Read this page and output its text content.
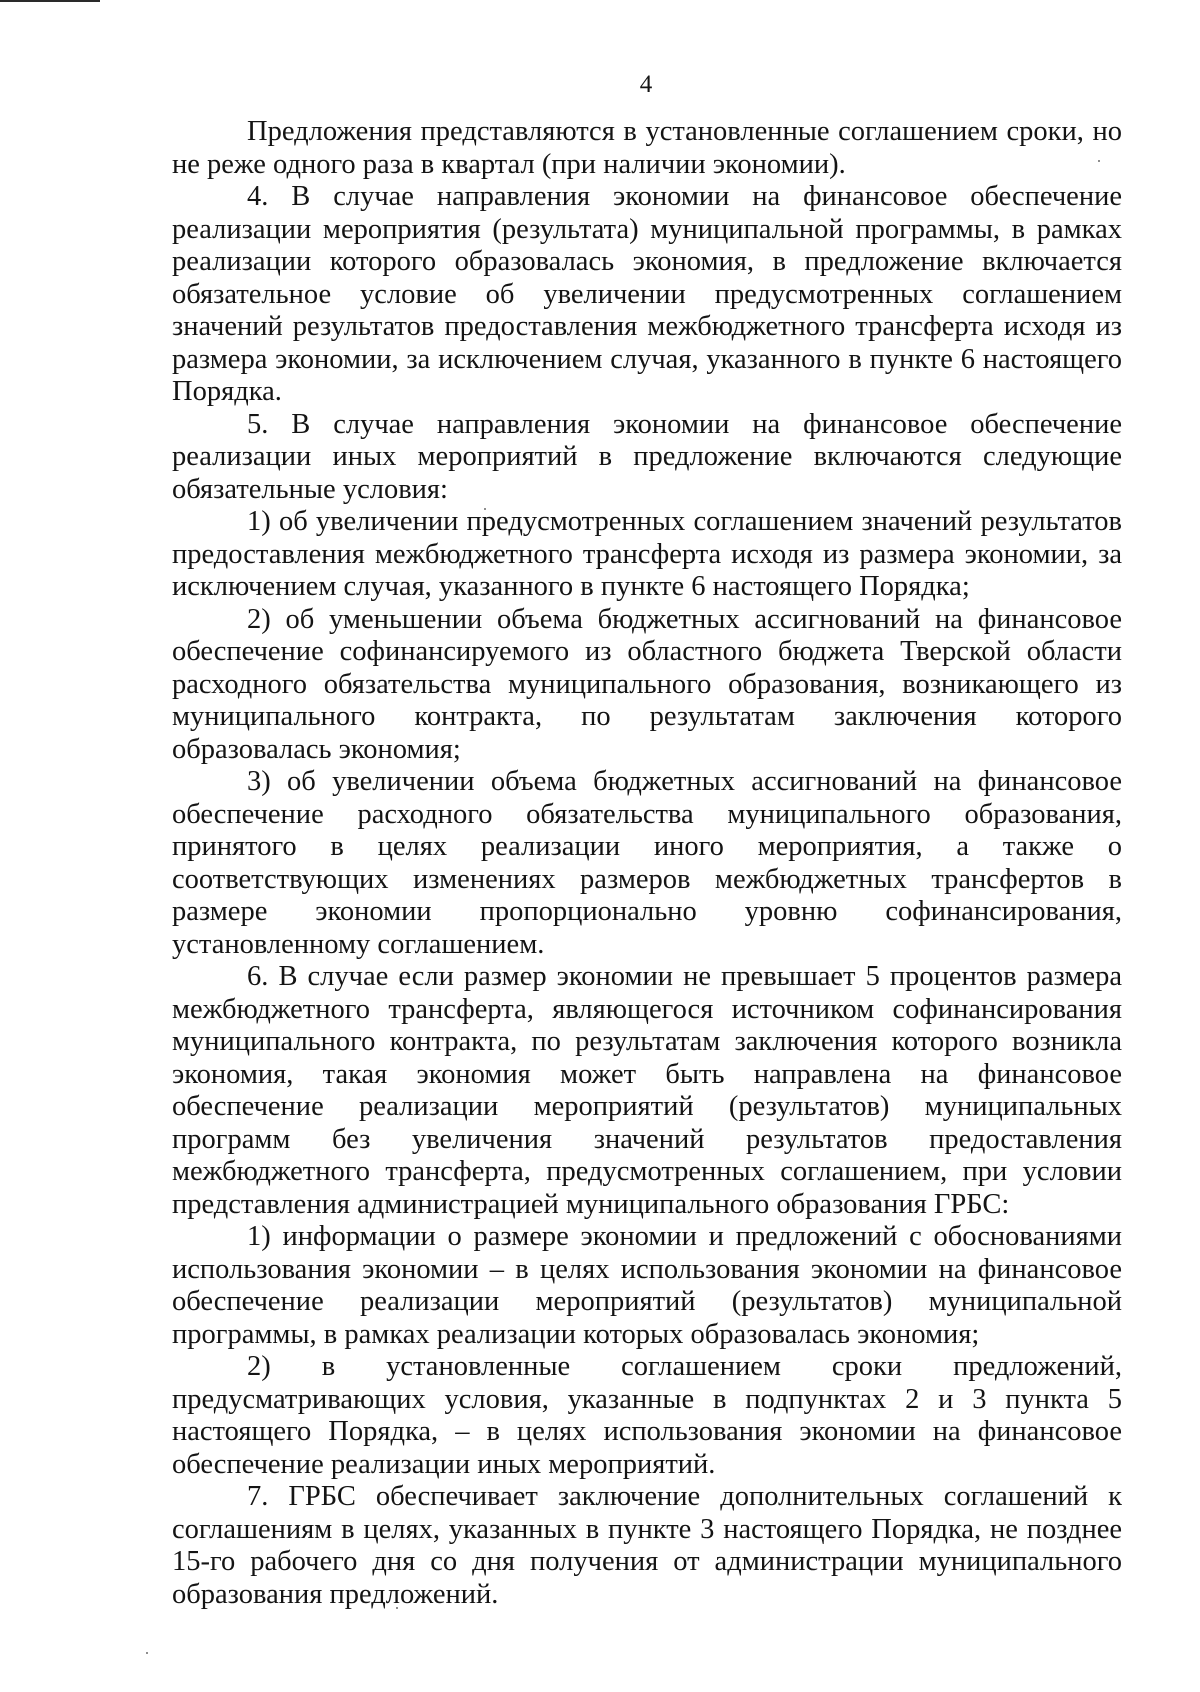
4

Предложения представляются в установленные соглашением сроки, но не реже одного раза в квартал (при наличии экономии).

4. В случае направления экономии на финансовое обеспечение реализации мероприятия (результата) муниципальной программы, в рамках реализации которого образовалась экономия, в предложение включается обязательное условие об увеличении предусмотренных соглашением значений результатов предоставления межбюджетного трансферта исходя из размера экономии, за исключением случая, указанного в пункте 6 настоящего Порядка.

5. В случае направления экономии на финансовое обеспечение реализации иных мероприятий в предложение включаются следующие обязательные условия:

1) об увеличении предусмотренных соглашением значений результатов предоставления межбюджетного трансферта исходя из размера экономии, за исключением случая, указанного в пункте 6 настоящего Порядка;

2) об уменьшении объема бюджетных ассигнований на финансовое обеспечение софинансируемого из областного бюджета Тверской области расходного обязательства муниципального образования, возникающего из муниципального контракта, по результатам заключения которого образовалась экономия;

3) об увеличении объема бюджетных ассигнований на финансовое обеспечение расходного обязательства муниципального образования, принятого в целях реализации иного мероприятия, а также о соответствующих изменениях размеров межбюджетных трансфертов в размере экономии пропорционально уровню софинансирования, установленному соглашением.

6. В случае если размер экономии не превышает 5 процентов размера межбюджетного трансферта, являющегося источником софинансирования муниципального контракта, по результатам заключения которого возникла экономия, такая экономия может быть направлена на финансовое обеспечение реализации мероприятий (результатов) муниципальных программ без увеличения значений результатов предоставления межбюджетного трансферта, предусмотренных соглашением, при условии представления администрацией муниципального образования ГРБС:

1) информации о размере экономии и предложений с обоснованиями использования экономии – в целях использования экономии на финансовое обеспечение реализации мероприятий (результатов) муниципальной программы, в рамках реализации которых образовалась экономия;

2) в установленные соглашением сроки предложений, предусматривающих условия, указанные в подпунктах 2 и 3 пункта 5 настоящего Порядка, – в целях использования экономии на финансовое обеспечение реализации иных мероприятий.

7. ГРБС обеспечивает заключение дополнительных соглашений к соглашениям в целях, указанных в пункте 3 настоящего Порядка, не позднее 15-го рабочего дня со дня получения от администрации муниципального образования предложений.
